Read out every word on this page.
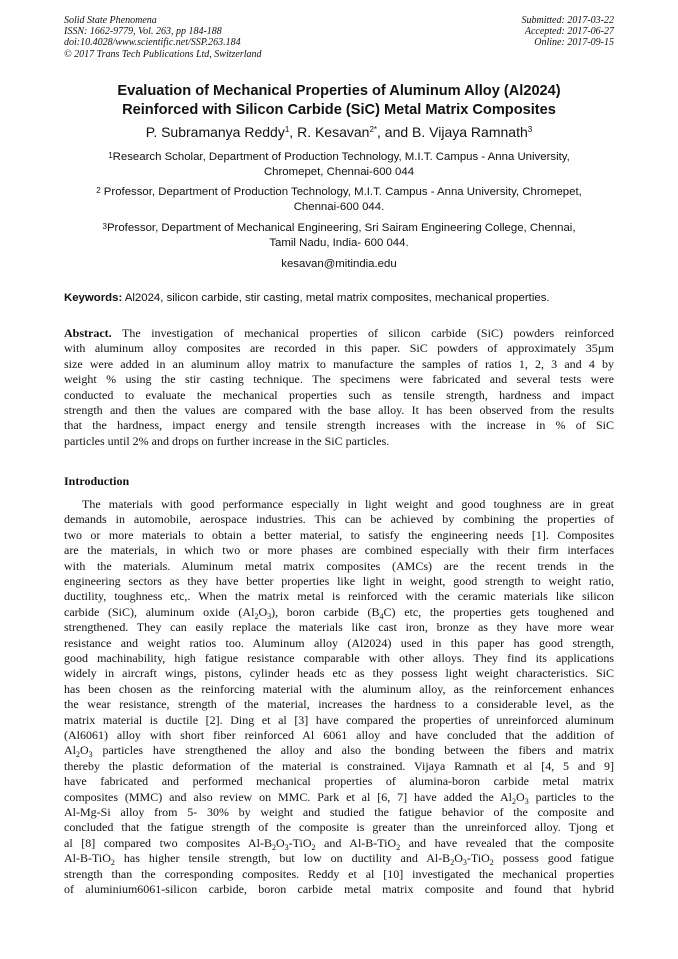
Solid State Phenomena
ISSN: 1662-9779, Vol. 263, pp 184-188
doi:10.4028/www.scientific.net/SSP.263.184
© 2017 Trans Tech Publications Ltd, Switzerland
Submitted: 2017-03-22
Accepted: 2017-06-27
Online: 2017-09-15
Evaluation of Mechanical Properties of Aluminum Alloy (Al2024)
Reinforced with Silicon Carbide (SiC) Metal Matrix Composites
P. Subramanya Reddy$^1$, R. Kesavan$^{2*}$, and B. Vijaya Ramnath$^3$
$^1$Research Scholar, Department of Production Technology, M.I.T. Campus - Anna University,
Chromepet, Chennai-600 044
$^2$ Professor, Department of Production Technology, M.I.T. Campus - Anna University, Chromepet,
Chennai-600 044.
$^3$Professor, Department of Mechanical Engineering, Sri Sairam Engineering College, Chennai,
Tamil Nadu, India- 600 044.
kesavan@mitindia.edu
Keywords: Al2024, silicon carbide, stir casting, metal matrix composites, mechanical properties.
Abstract. The investigation of mechanical properties of silicon carbide (SiC) powders reinforced
with aluminum alloy composites are recorded in this paper. SiC powders of approximately 35µm
size were added in an aluminum alloy matrix to manufacture the samples of ratios 1, 2, 3 and 4 by
weight % using the stir casting technique. The specimens were fabricated and several tests were
conducted to evaluate the mechanical properties such as tensile strength, hardness and impact
strength and then the values are compared with the base alloy. It has been observed from the results
that the hardness, impact energy and tensile strength increases with the increase in % of SiC
particles until 2% and drops on further increase in the SiC particles.
Introduction
The materials with good performance especially in light weight and good toughness are in great
demands in automobile, aerospace industries. This can be achieved by combining the properties of
two or more materials to obtain a better material, to satisfy the engineering needs [1]. Composites
are the materials, in which two or more phases are combined especially with their firm interfaces
with the materials. Aluminum metal matrix composites (AMCs) are the recent trends in the
engineering sectors as they have better properties like light in weight, good strength to weight ratio,
ductility, toughness etc,. When the matrix metal is reinforced with the ceramic materials like silicon
carbide (SiC), aluminum oxide $(Al_2O_3)$, boron carbide $(B_4C)$ etc, the properties gets toughened and
strengthened. They can easily replace the materials like cast iron, bronze as they have more wear
resistance and weight ratios too. Aluminum alloy (Al2024) used in this paper has good strength,
good machinability, high fatigue resistance comparable with other alloys. They find its applications
widely in aircraft wings, pistons, cylinder heads etc as they possess light weight characteristics. SiC
has been chosen as the reinforcing material with the aluminum alloy, as the reinforcement enhances
the wear resistance, strength of the material, increases the hardness to a considerable level, as the
matrix material is ductile [2]. Ding et al [3] have compared the properties of unreinforced aluminum
(Al6061) alloy with short fiber reinforced Al 6061 alloy and have concluded that the addition of
$Al_2O_3$ particles have strengthened the alloy and also the bonding between the fibers and matrix
thereby the plastic deformation of the material is constrained. Vijaya Ramnath et al [4, 5 and 9]
have fabricated and performed mechanical properties of alumina-boron carbide metal matrix
composites (MMC) and also review on MMC. Park et al [6, 7] have added the $Al_2O_3$ particles to the
Al-Mg-Si alloy from 5- 30% by weight and studied the fatigue behavior of the composite and
concluded that the fatigue strength of the composite is greater than the unreinforced alloy. Tjong et
al [8] compared two composites $Al-B_2O_3-TiO_2$ and Al-B-TiO$_2$ and have revealed that the composite
Al-B-TiO$_2$ has higher tensile strength, but low on ductility and $Al-B_2O_3-TiO_2$ possess good fatigue
strength than the corresponding composites. Reddy et al [10] investigated the mechanical properties
of aluminium6061-silicon carbide, boron carbide metal matrix composite and found that hybrid
